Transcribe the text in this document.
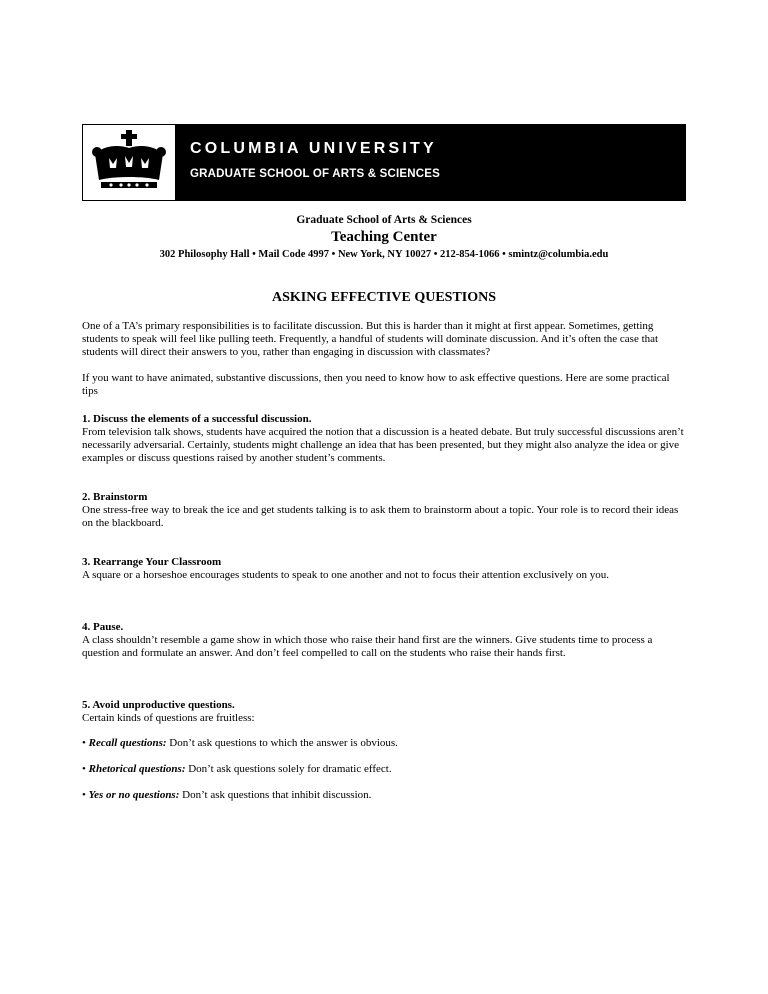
COLUMBIA UNIVERSITY
GRADUATE SCHOOL OF ARTS & SCIENCES
Graduate School of Arts & Sciences
Teaching Center
302 Philosophy Hall • Mail Code 4997 • New York, NY 10027 • 212-854-1066 • smintz@columbia.edu
ASKING EFFECTIVE QUESTIONS

One of a TA’s primary responsibilities is to facilitate discussion. But this is harder than it might at first appear. Sometimes, getting students to speak will feel like pulling teeth. Frequently, a handful of students will dominate discussion. And it’s often the case that students will direct their answers to you, rather than engaging in discussion with classmates?

If you want to have animated, substantive discussions, then you need to know how to ask effective questions. Here are some practical tips

1. Discuss the elements of a successful discussion.

From television talk shows, students have acquired the notion that a discussion is a heated debate. But truly successful discussions aren’t necessarily adversarial. Certainly, students might challenge an idea that has been presented, but they might also analyze the idea or give examples or discuss questions raised by another student’s comments.

2. Brainstorm

One stress-free way to break the ice and get students talking is to ask them to brainstorm about a topic. Your role is to record their ideas on the blackboard.

3. Rearrange Your Classroom

A square or a horseshoe encourages students to speak to one another and not to focus their attention exclusively on you.

4. Pause.

A class shouldn’t resemble a game show in which those who raise their hand first are the winners. Give students time to process a question and formulate an answer. And don’t feel compelled to call on the students who raise their hands first.

5. Avoid unproductive questions.

Certain kinds of questions are fruitless:

• Recall questions: Don’t ask questions to which the answer is obvious.

• Rhetorical questions: Don’t ask questions solely for dramatic effect.

• Yes or no questions: Don’t ask questions that inhibit discussion.
